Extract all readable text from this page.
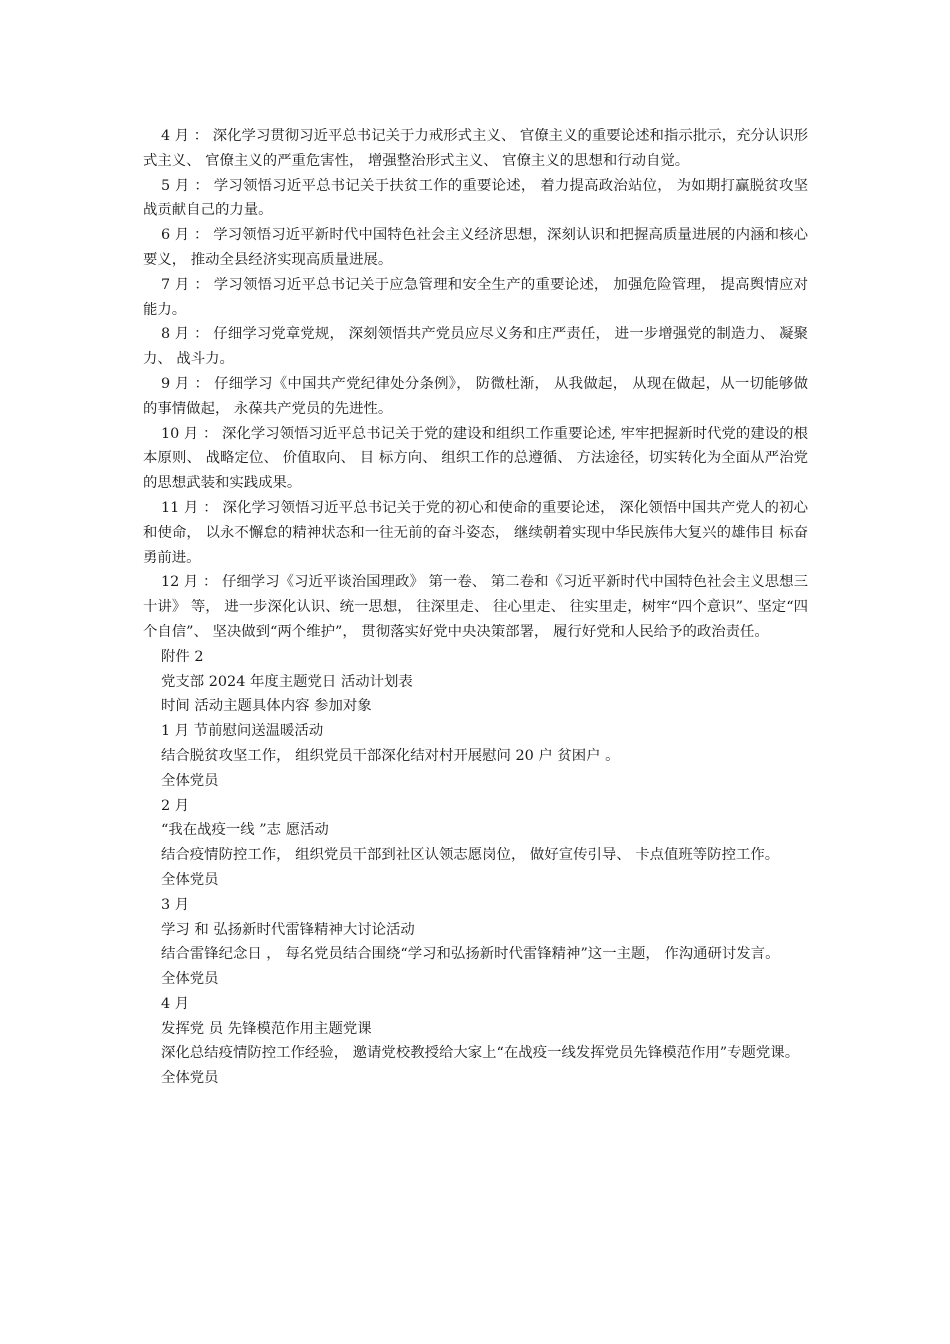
4 月 ： 深化学习贯彻习近平总书记关于力戒形式主义、 官僚主义的重要论述和指示批示，充分认识形式主义、 官僚主义的严重危害性， 增强整治形式主义、 官僚主义的思想和行动自觉。

5 月 ： 学习领悟习近平总书记关于扶贫工作的重要论述， 着力提高政治站位， 为如期打赢脱贫攻坚战贡献自己的力量。

6 月 ： 学习领悟习近平新时代中国特色社会主义经济思想，深刻认识和把握高质量进展的内涵和核心要义， 推动全县经济实现高质量进展。

7 月 ： 学习领悟习近平总书记关于应急管理和安全生产的重要论述， 加强危险管理， 提高舆情应对能力。

8 月 ： 仔细学习党章党规， 深刻领悟共产党员应尽义务和庄严责任， 进一步增强党的制造力、 凝聚力、 战斗力。

9 月 ： 仔细学习《中国共产党纪律处分条例》， 防微杜渐， 从我做起， 从现在做起，从一切能够做的事情做起， 永葆共产党员的先进性。

10 月 ： 深化学习领悟习近平总书记关于党的建设和组织工作重要论述, 牢牢把握新时代党的建设的根本原则、 战略定位、 价值取向、 目 标方向、 组织工作的总遵循、 方法途径，切实转化为全面从严治党的思想武装和实践成果。

11 月 ： 深化学习领悟习近平总书记关于党的初心和使命的重要论述， 深化领悟中国共产党人的初心和使命， 以永不懈怠的精神状态和一往无前的奋斗姿态， 继续朝着实现中华民族伟大复兴的雄伟目 标奋勇前进。

12 月 ： 仔细学习《习近平谈治国理政》 第一卷、 第二卷和《习近平新时代中国特色社会主义思想三十讲》 等， 进一步深化认识、统一思想， 往深里走、 往心里走、 往实里走，树牢“四个意识”、坚定“四个自信”、 坚决做到“两个维护”， 贯彻落实好党中央决策部署， 履行好党和人民给予的政治责任。

附件 2

党支部 2024 年度主题党日 活动计划表

时间 活动主题具体内容 参加对象

1 月 节前慰问送温暖活动

结合脱贫攻坚工作， 组织党员干部深化结对村开展慰问 20 户 贫困户 。

全体党员

2 月

“我在战疫一线 ”志 愿活动

结合疫情防控工作， 组织党员干部到社区认领志愿岗位， 做好宣传引导、 卡点值班等防控工作。

全体党员

3 月

学习 和 弘扬新时代雷锋精神大讨论活动

结合雷锋纪念日 ， 每名党员结合围绕“学习和弘扬新时代雷锋精神”这一主题， 作沟通研讨发言。

全体党员

4 月

发挥党 员 先锋模范作用主题党课

深化总结疫情防控工作经验， 邀请党校教授给大家上“在战疫一线发挥党员先锋模范作用”专题党课。

全体党员
